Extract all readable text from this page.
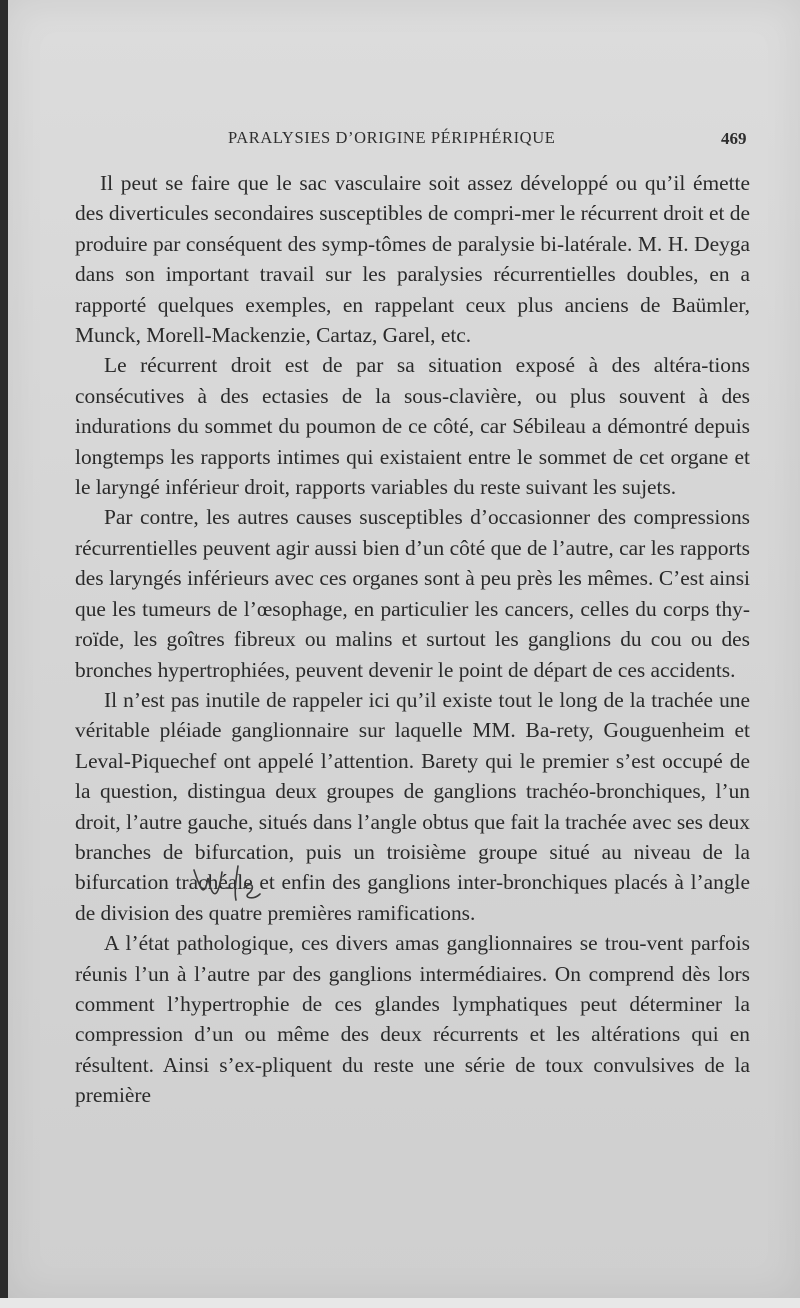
PARALYSIES D’ORIGINE PÉRIPHÉRIQUE	469

Il peut se faire que le sac vasculaire soit assez développé ou qu’il émette des diverticules secondaires susceptibles de compri-mer le récurrent droit et de produire par conséquent des symp-tômes de paralysie bi-latérale. M. H. Deyga dans son important travail sur les paralysies récurrentielles doubles, en a rapporté quelques exemples, en rappelant ceux plus anciens de Baümler, Munck, Morell-Mackenzie, Cartaz, Garel, etc.

Le récurrent droit est de par sa situation exposé à des altéra-tions consécutives à des ectasies de la sous-clavière, ou plus souvent à des indurations du sommet du poumon de ce côté, car Sébileau a démontré depuis longtemps les rapports intimes qui existaient entre le sommet de cet organe et le laryngé inférieur droit, rapports variables du reste suivant les sujets.

Par contre, les autres causes susceptibles d’occasionner des compressions récurrentielles peuvent agir aussi bien d’un côté que de l’autre, car les rapports des laryngés inférieurs avec ces organes sont à peu près les mêmes. C’est ainsi que les tumeurs de l’œsophage, en particulier les cancers, celles du corps thy-roïde, les goîtres fibreux ou malins et surtout les ganglions du cou ou des bronches hypertrophiées, peuvent devenir le point de départ de ces accidents.

Il n’est pas inutile de rappeler ici qu’il existe tout le long de la trachée une véritable pléiade ganglionnaire sur laquelle MM. Ba-rety, Gouguenheim et Leval-Piquechef ont appelé l’attention. Barety qui le premier s’est occupé de la question, distingua deux groupes de ganglions trachéo-bronchiques, l’un droit, l’autre gauche, situés dans l’angle obtus que fait la trachée avec ses deux branches de bifurcation, puis un troisième groupe situé au niveau de la bifurcation trachéale et enfin des ganglions inter-bronchiques placés à l’angle de division des quatre premières ramifications.

A l’état pathologique, ces divers amas ganglionnaires se trou-vent parfois réunis l’un à l’autre par des ganglions intermédiaires. On comprend dès lors comment l’hypertrophie de ces glandes lymphatiques peut déterminer la compression d’un ou même des deux récurrents et les altérations qui en résultent. Ainsi s’ex-pliquent du reste une série de toux convulsives de la première
